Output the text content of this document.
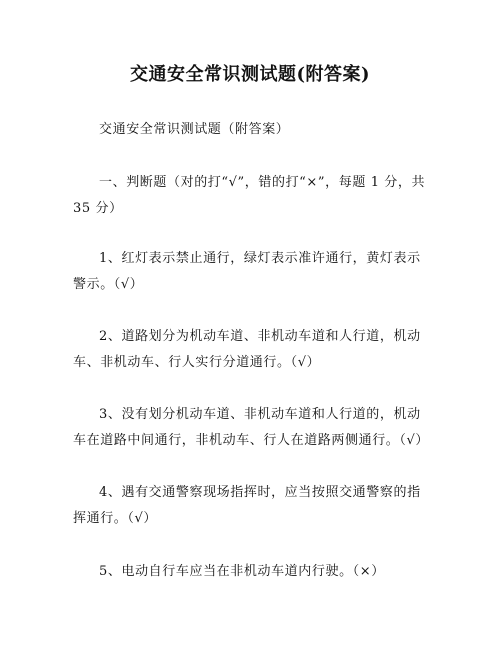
交通安全常识测试题(附答案)

交通安全常识测试题（附答案）

一、判断题（对的打“√”，错的打“×”，每题 1 分，共 35 分）

1、红灯表示禁止通行，绿灯表示准许通行，黄灯表示警示。（√）

2、道路划分为机动车道、非机动车道和人行道，机动车、非机动车、行人实行分道通行。（√）

3、没有划分机动车道、非机动车道和人行道的，机动车在道路中间通行，非机动车、行人在道路两侧通行。（√）

4、遇有交通警察现场指挥时，应当按照交通警察的指挥通行。（√）

5、电动自行车应当在非机动车道内行驶。（×）
